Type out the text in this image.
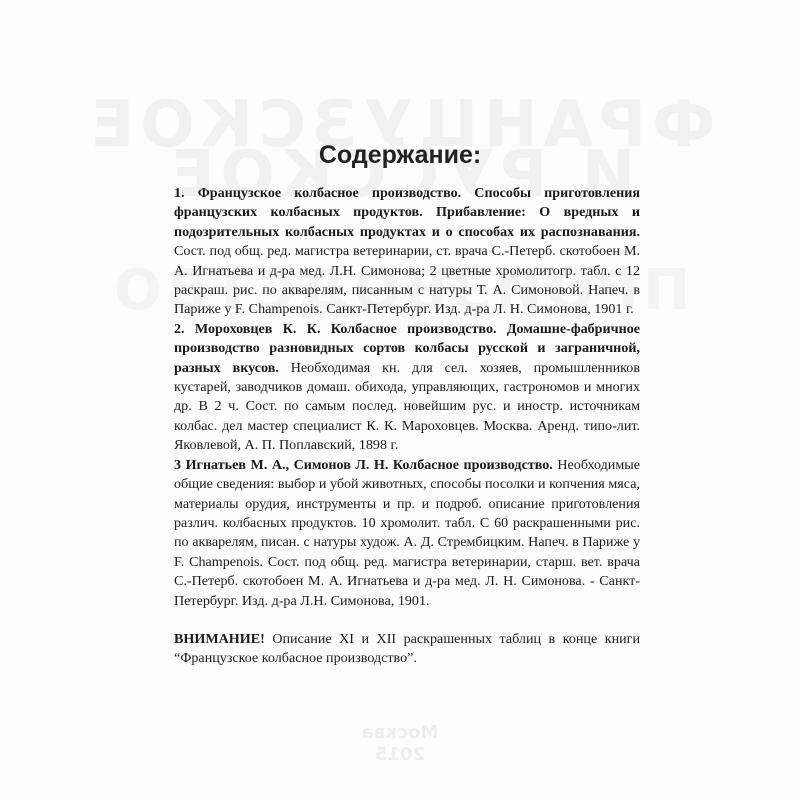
Москва
2015
Содержание:

1. Французское колбасное производство. Способы приготовления французских колбасных продуктов. Прибавление: О вредных и подозрительных колбасных продуктах и о способах их распознавания. Сост. под общ. ред. магистра ветеринарии, ст. врача С.-Петерб. скотобоен М. А. Игнатьева и д-ра мед. Л.Н. Симонова; 2 цветные хромолитогр. табл. с 12 раскраш. рис. по акварелям, писанным с натуры Т. А. Симоновой. Напеч. в Париже у F. Champenois. Санкт-Петербург. Изд. д-ра Л. Н. Симонова, 1901 г.

2. Мороховцев К. К. Колбасное производство. Домашне-фабричное производство разновидных сортов колбасы русской и заграничной, разных вкусов. Необходимая кн. для сел. хозяев, промышленников кустарей, заводчиков домаш. обихода, управляющих, гастрономов и многих др. В 2 ч. Сост. по самым послед. новейшим рус. и иностр. источникам колбас. дел мастер специалист К. К. Мароховцев. Москва. Аренд. типо-лит. Яковлевой, А. П. Поплавский, 1898 г.

3 Игнатьев М. А., Симонов Л. Н. Колбасное производство. Необходимые общие сведения: выбор и убой животных, способы посолки и копчения мяса, материалы орудия, инструменты и пр. и подроб. описание приготовления различ. колбасных продуктов. 10 хромолит. табл. С 60 раскрашенными рис. по акварелям, писан. с натуры худож. А. Д. Стрембицким. Напеч. в Париже у F. Champenois. Сост. под общ. ред. магистра ветеринарии, старш. вет. врача С.-Петерб. скотобоен М. А. Игнатьева и д-ра мед. Л. Н. Симонова. - Санкт-Петербург. Изд. д-ра Л.Н. Симонова, 1901.

ВНИМАНИЕ! Описание XI и XII раскрашенных таблиц в конце книги “Французское колбасное производство”.
